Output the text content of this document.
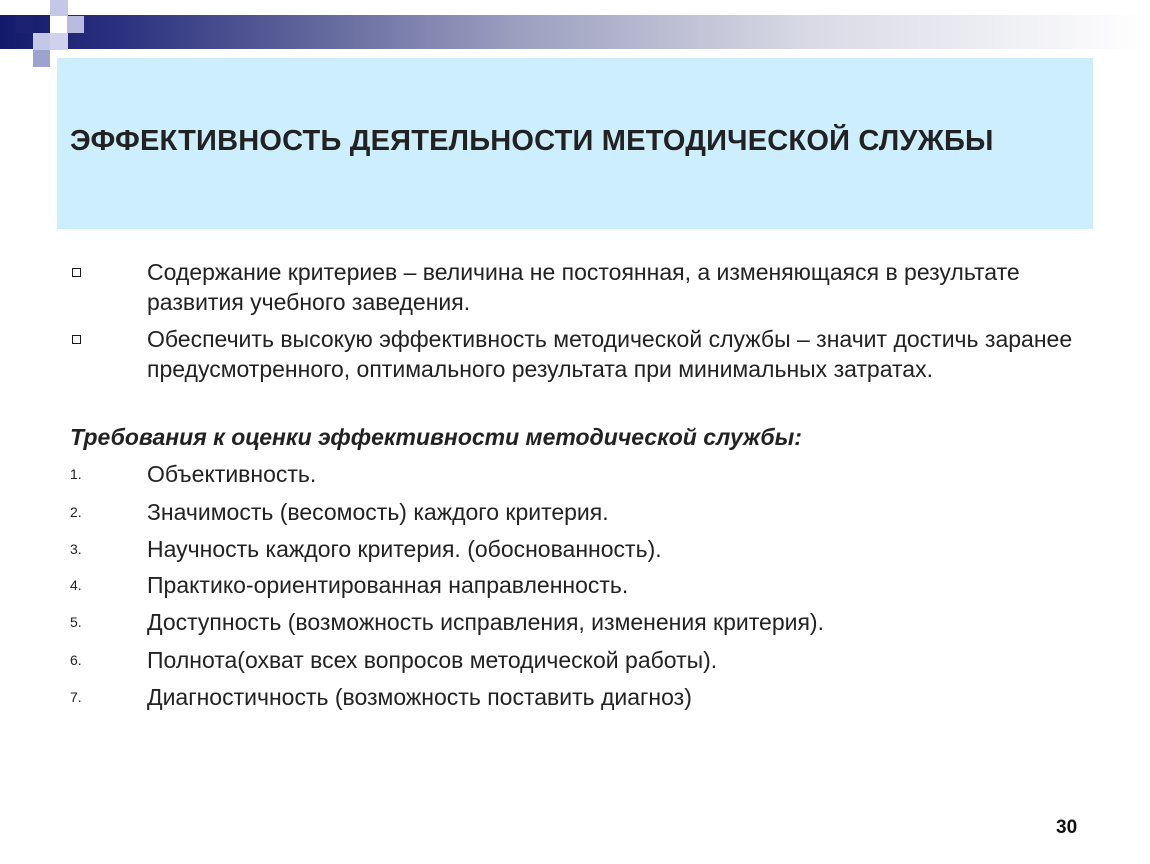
ЭФФЕКТИВНОСТЬ ДЕЯТЕЛЬНОСТИ МЕТОДИЧЕСКОЙ СЛУЖБЫ
Содержание критериев – величина не постоянная, а изменяющаяся в результате развития учебного заведения.
Обеспечить высокую эффективность методической службы – значит достичь заранее предусмотренного, оптимального результата при минимальных затратах.
Требования к оценки эффективности методической службы:
1.	Объективность.
2.	Значимость (весомость) каждого критерия.
3.	Научность каждого критерия. (обоснованность).
4.	Практико-ориентированная направленность.
5.	Доступность (возможность исправления, изменения критерия).
6.	Полнота(охват всех вопросов методической работы).
7.	Диагностичность (возможность поставить диагноз)
30
